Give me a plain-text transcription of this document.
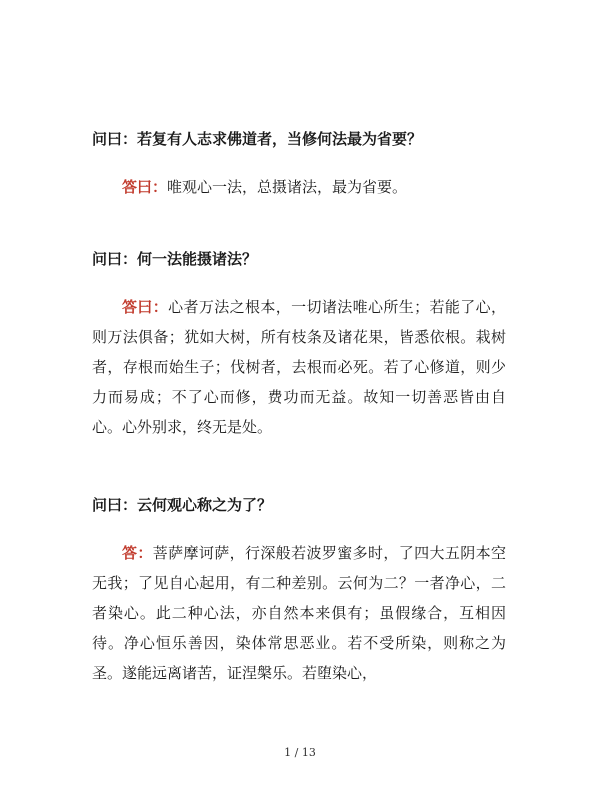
问曰：若复有人志求佛道者，当修何法最为省要？

答曰：唯观心一法，总摄诸法，最为省要。

问曰：何一法能摄诸法？

答曰：心者万法之根本，一切诸法唯心所生；若能了心，则万法俱备；犹如大树，所有枝条及诸花果，皆悉依根。栽树者，存根而始生子；伐树者，去根而必死。若了心修道，则少力而易成；不了心而修，费功而无益。故知一切善恶皆由自心。心外别求，终无是处。

问曰：云何观心称之为了？

答：菩萨摩诃萨，行深般若波罗蜜多时，了四大五阴本空无我；了见自心起用，有二种差别。云何为二？一者净心，二者染心。此二种心法，亦自然本来俱有；虽假缘合，互相因待。净心恒乐善因，染体常思恶业。若不受所染，则称之为圣。遂能远离诸苦，证涅槃乐。若堕染心，

1 / 13
